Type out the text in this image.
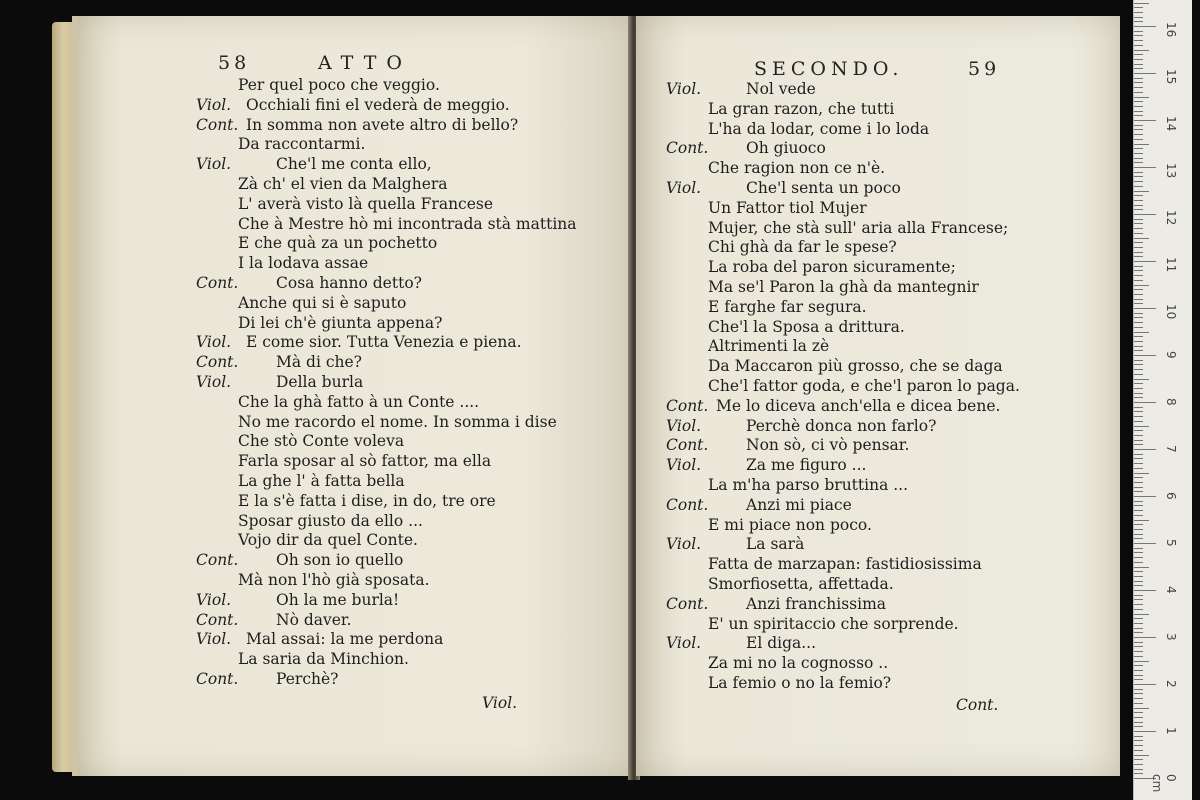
58	ATTO
Per quel poco che veggio.
Viol. Occhiali fini el vederà de meggio.
Cont. In somma non avete altro di bello?
Da raccontarmi.
Viol.	Che'l me conta ello,
Zà ch' el vien da Malghera
L' averà visto là quella Francese
Che à Mestre hò mi incontrada stà mattina
E che quà za un pochetto
I la lodava assae
Cont. Cosa hanno detto?
Anche qui si è saputo
Di lei ch'è giunta appena?
Viol. E come sior. Tutta Venezia e piena.
Cont. Mà di che?
Viol.	Della burla
Che la ghà fatto à un Conte ....
No me racordo el nome. In somma i dise
Che stò Conte voleva
Farla sposar al sò fattor, ma ella
La ghe l' à fatta bella
E la s'è fatta i dise, in do, tre ore
Sposar giusto da ello ...
Vojo dir da quel Conte.
Cont. Oh son io quello
Mà non l'hò già sposata.
Viol.	Oh la me burla!
Cont. Nò daver.
Viol. Mal assai: la me perdona
La saria da Minchion.
Cont. Perchè?
Viol.
SECONDO.	59
Viol.	Nol vede
La gran razon, che tutti
L'ha da lodar, come i lo loda
Cont. Oh giuoco
Che ragion non ce n'è.
Viol.	Che'l senta un poco
Un Fattor tiol Mujer
Mujer, che stà sull' aria alla Francese;
Chi ghà da far le spese?
La roba del paron sicuramente;
Ma se'l Paron la ghà da mantegnir
E farghe far segura.
Che'l la Sposa a drittura.
Altrimenti la zè
Da Maccaron più grosso, che se daga
Che'l fattor goda, e che'l paron lo paga.
Cont. Me lo diceva anch'ella e dicea bene.
Viol.	Perchè donca non farlo?
Cont. Non sò, ci vò pensar.
Viol.	Za me figuro ...
La m'ha parso bruttina ...
Cont. Anzi mi piace
E mi piace non poco.
Viol.	La sarà
Fatta de marzapan: fastidiosissima
Smorfiosetta, affettada.
Cont. Anzi franchissima
E' un spiritaccio che sorprende.
Viol.	El diga...
Za mi no la cognosso ..
La femio o no la femio?
Cont.
0 cm
1
2
3
4
5
6
7
8
9
10
11
12
13
14
15
16
